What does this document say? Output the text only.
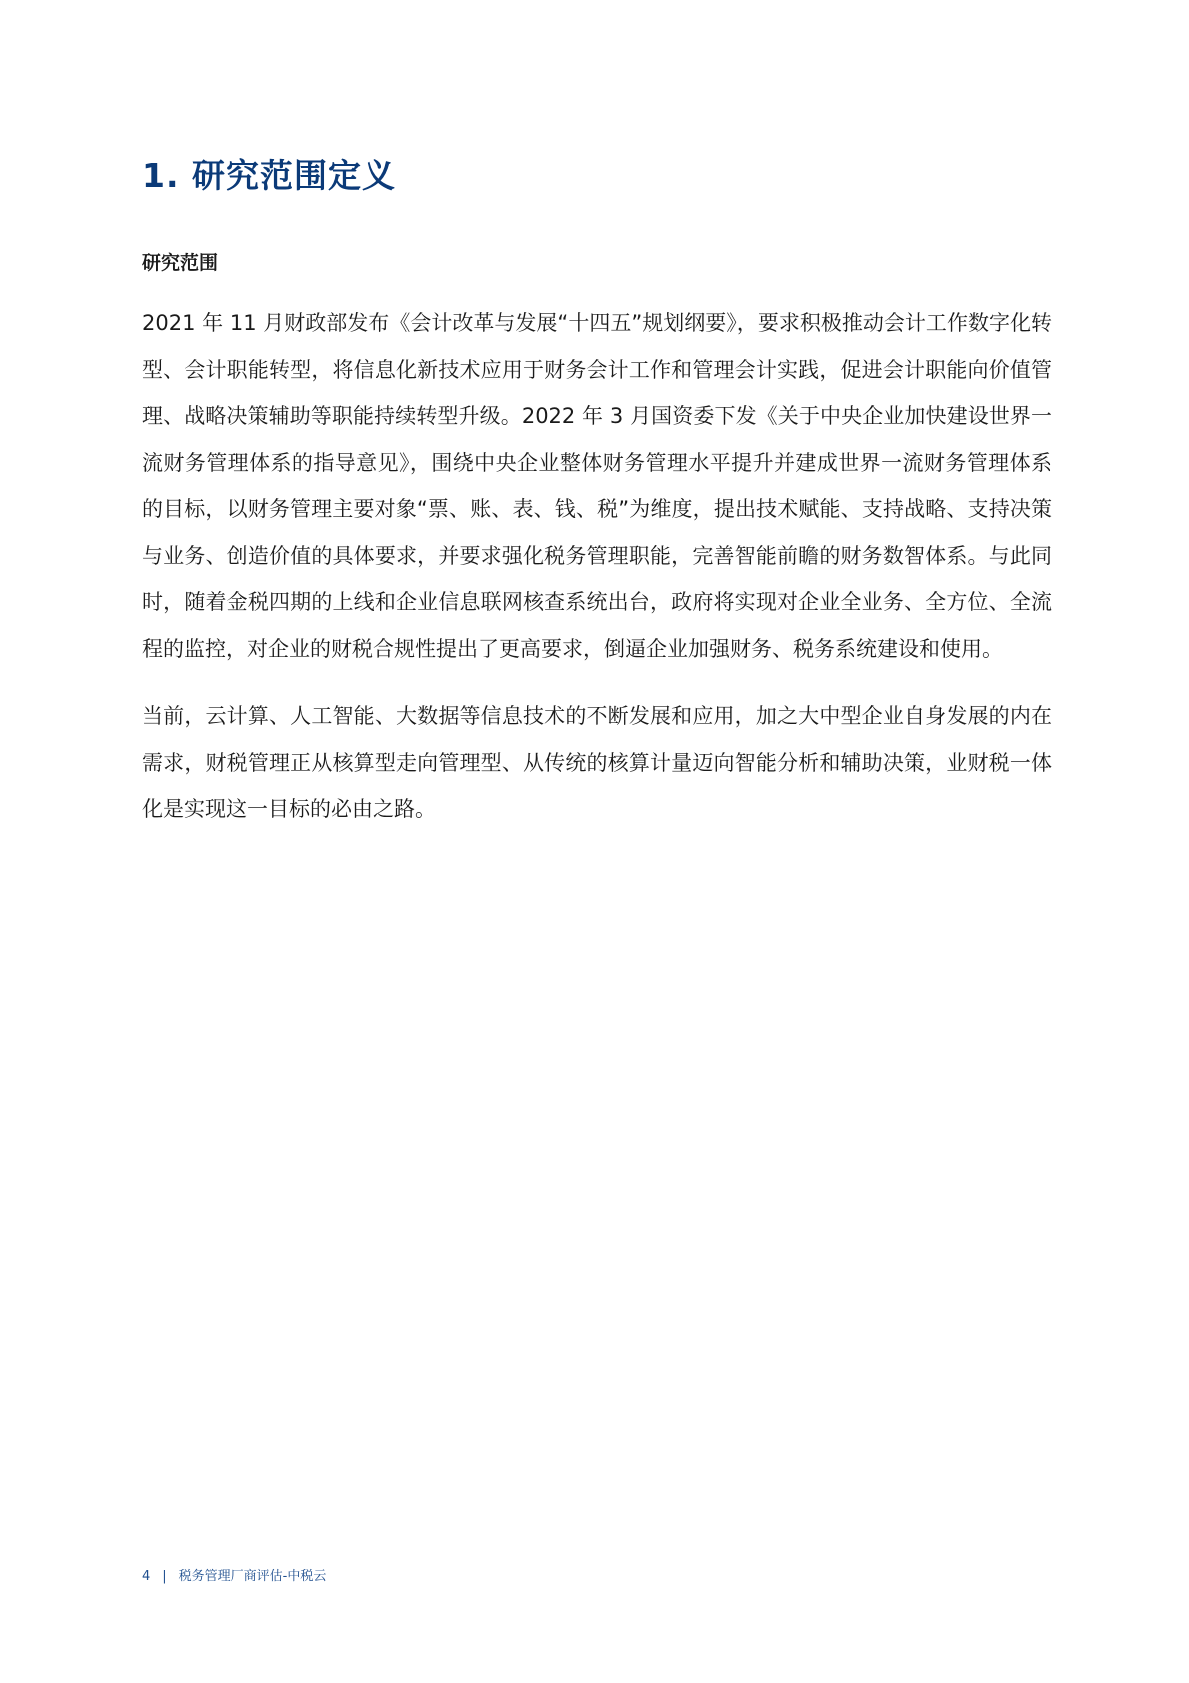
1. 研究范围定义
研究范围

2021 年 11 月财政部发布《会计改革与发展“十四五”规划纲要》，要求积极推动会计工作数字化转型、会计职能转型，将信息化新技术应用于财务会计工作和管理会计实践，促进会计职能向价值管理、战略决策辅助等职能持续转型升级。2022 年 3 月国资委下发《关于中央企业加快建设世界一流财务管理体系的指导意见》，围绕中央企业整体财务管理水平提升并建成世界一流财务管理体系的目标，以财务管理主要对象“票、账、表、钱、税”为维度，提出技术赋能、支持战略、支持决策与业务、创造价值的具体要求，并要求强化税务管理职能，完善智能前瞻的财务数智体系。与此同时，随着金税四期的上线和企业信息联网核查系统出台，政府将实现对企业全业务、全方位、全流程的监控，对企业的财税合规性提出了更高要求，倒逼企业加强财务、税务系统建设和使用。

当前，云计算、人工智能、大数据等信息技术的不断发展和应用，加之大中型企业自身发展的内在需求，财税管理正从核算型走向管理型、从传统的核算计量迈向智能分析和辅助决策，业财税一体化是实现这一目标的必由之路。

4 | 税务管理厂商评估-中税云
